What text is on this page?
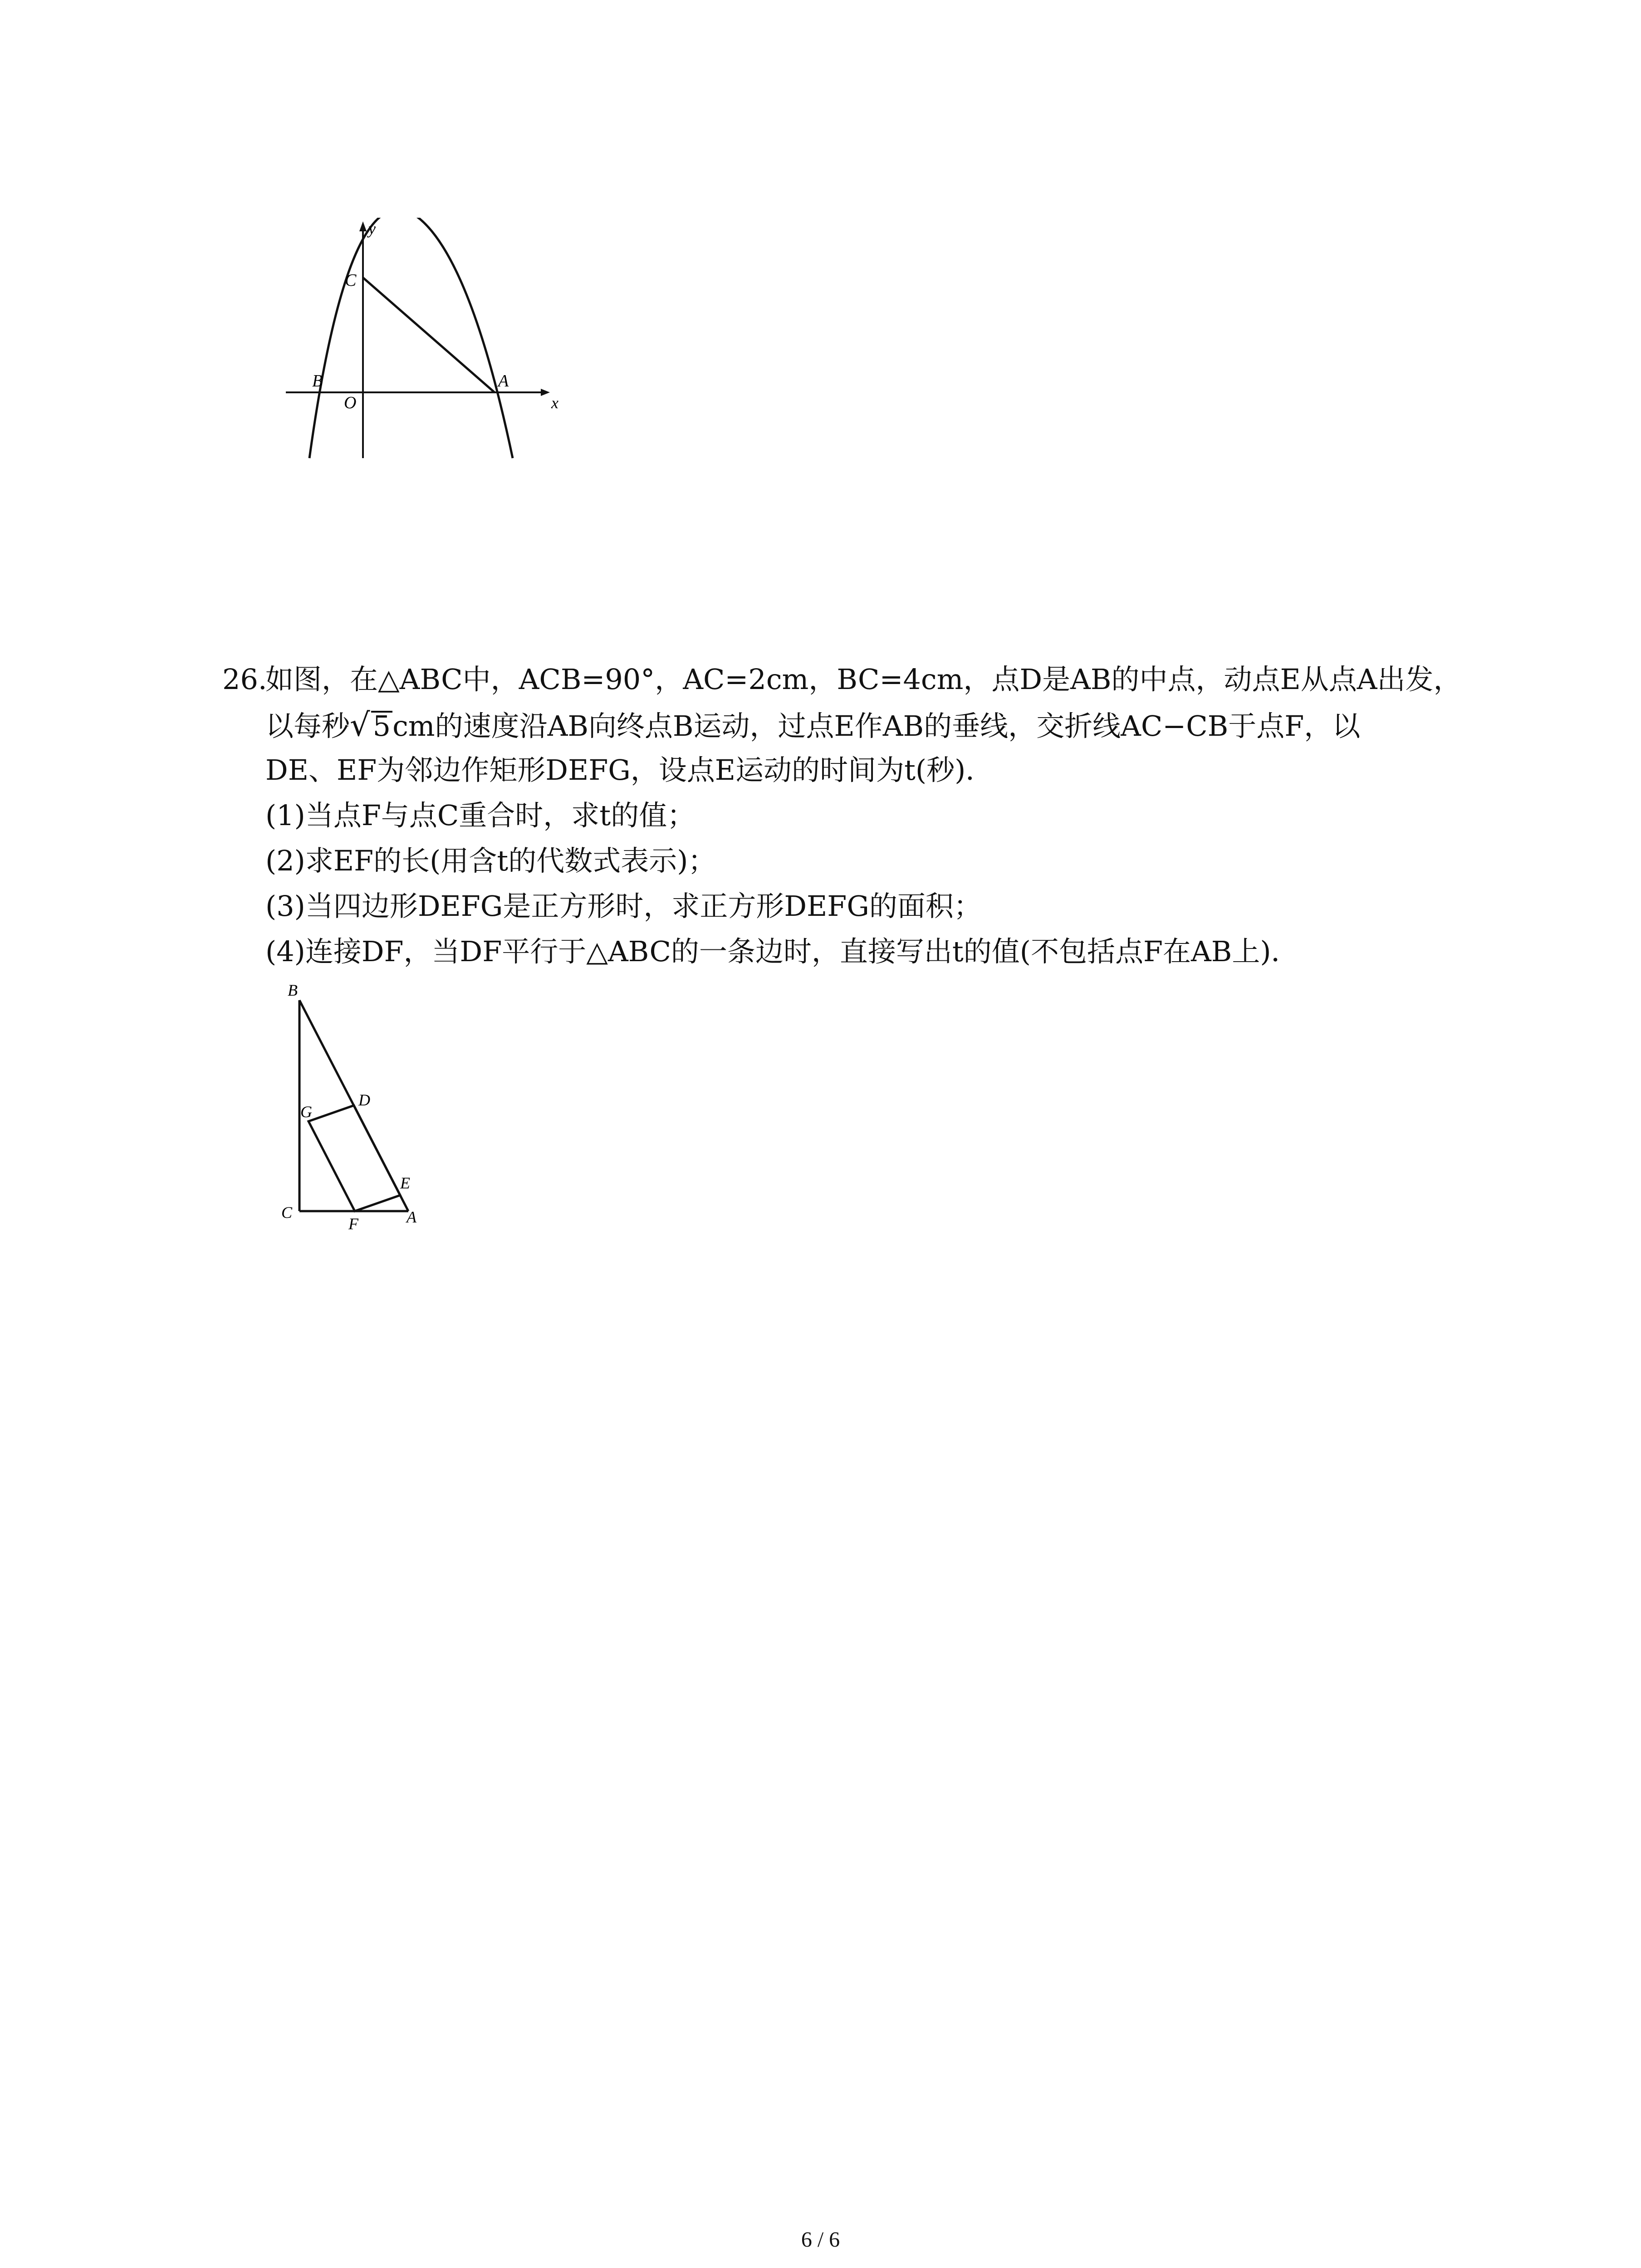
y
x
C
B
O
A
26.如图，在△ABC中，ACB=90°，AC=2cm，BC=4cm，点D是AB的中点，动点E从点A出发，
以每秒√5cm的速度沿AB向终点B运动，过点E作AB的垂线，交折线AC−CB于点F，以
DE、EF为邻边作矩形DEFG，设点E运动的时间为t(秒)．
(1)当点F与点C重合时，求t的值；
(2)求EF的长(用含t的代数式表示)；
(3)当四边形DEFG是正方形时，求正方形DEFG的面积；
(4)连接DF，当DF平行于△ABC的一条边时，直接写出t的值(不包括点F在AB上)．
B
G
D
E
C
F	A
6 / 6
